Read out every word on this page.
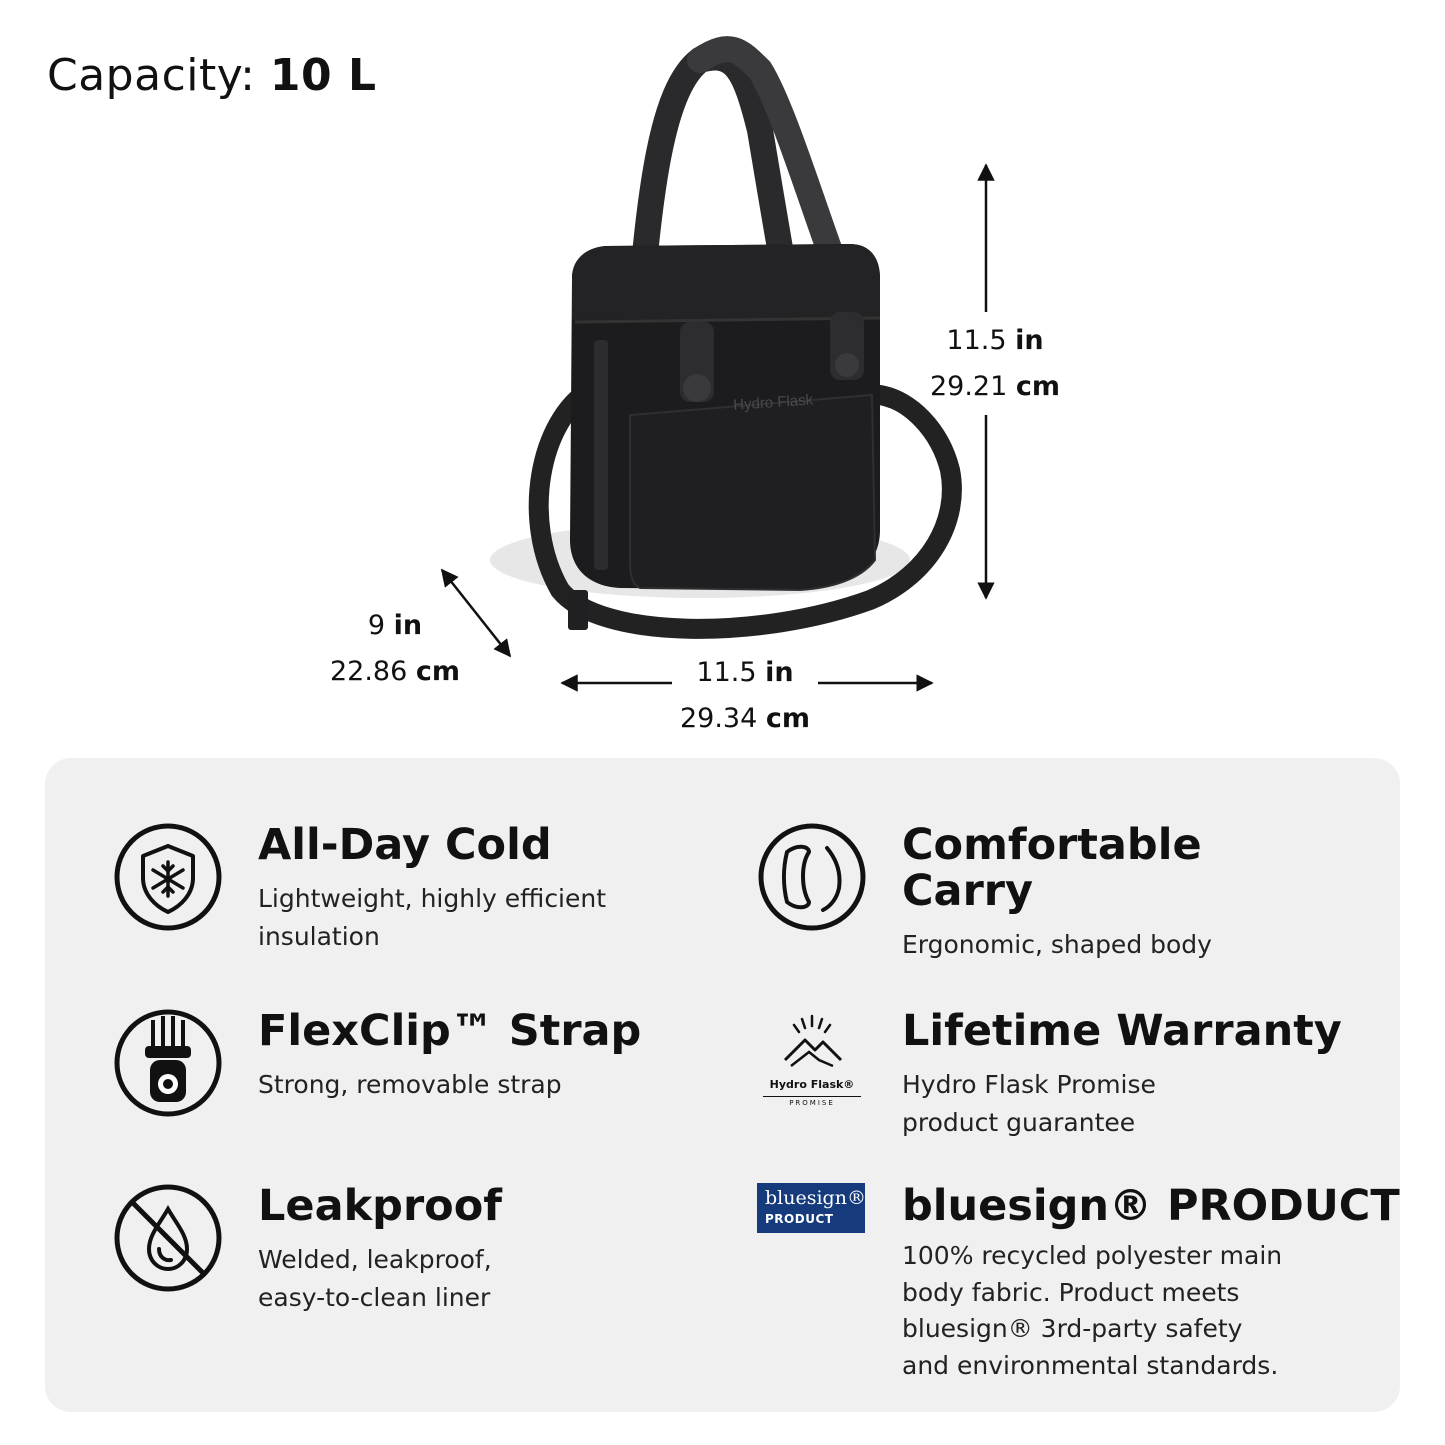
Capacity: 10 L
Hydro Flask
11.5 in
29.21 cm
9 in
22.86 cm	11.5 in
29.34 cm
All-Day Cold
Lightweight, highly efficient
insulation
FlexClip™ Strap
Strong, removable strap
Leakproof
Welded, leakproof,
easy-to-clean liner
Comfortable Carry
Ergonomic, shaped body
Hydro Flask®
PROMISE
Lifetime Warranty
Hydro Flask Promise
product guarantee
bluesign®
PRODUCT bluesign® PRODUCT
100% recycled polyester main
body fabric. Product meets
bluesign® 3rd-party safety
and environmental standards.
